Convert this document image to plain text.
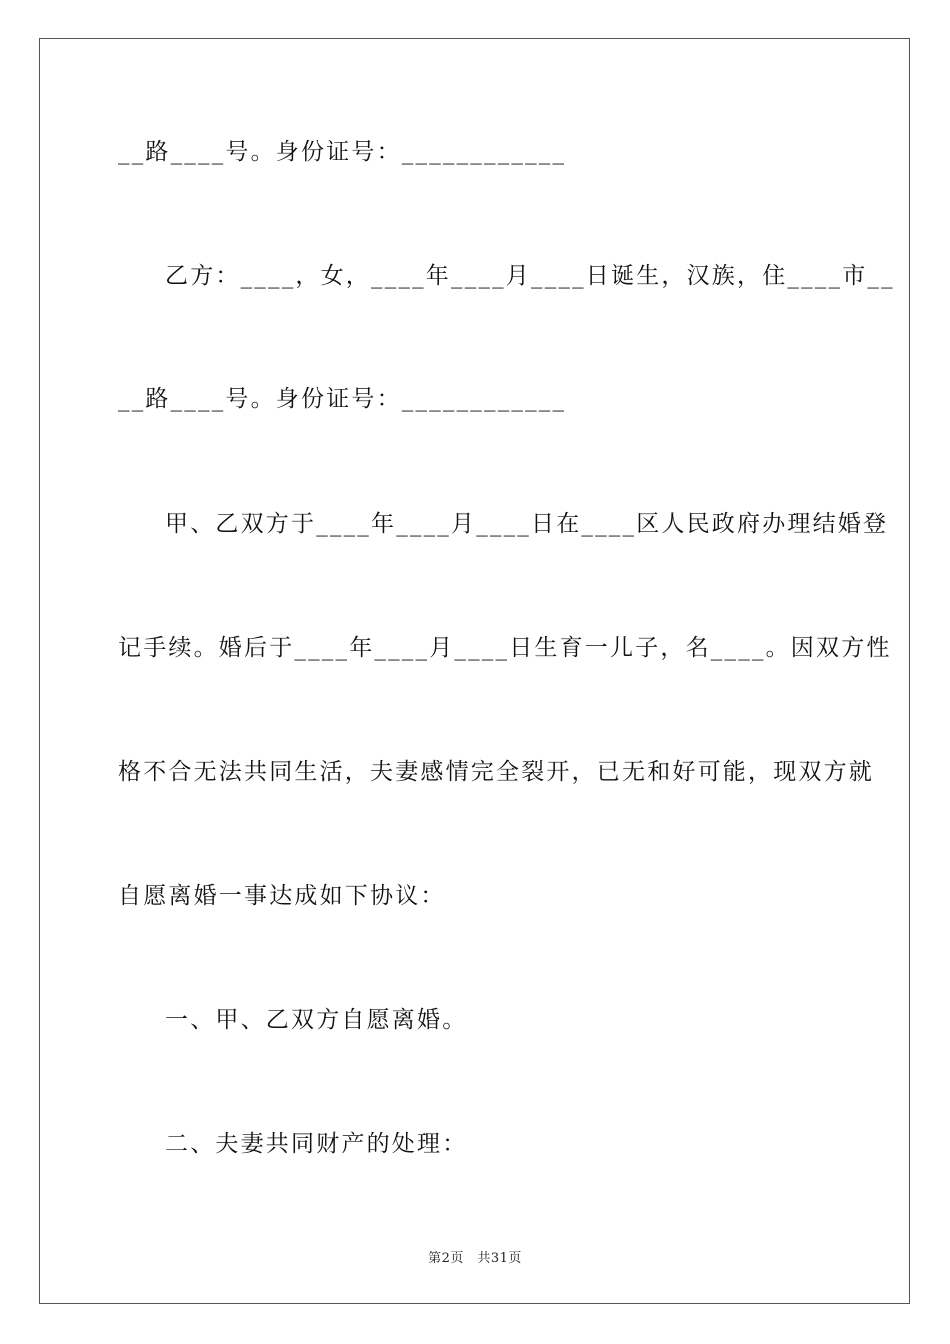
__路____号。身份证号：____________
乙方：____，女，____年____月____日诞生，汉族，住____市__
__路____号。身份证号：____________
甲、乙双方于____年____月____日在____区人民政府办理结婚登
记手续。婚后于____年____月____日生育一儿子，名____。因双方性
格不合无法共同生活，夫妻感情完全裂开，已无和好可能，现双方就
自愿离婚一事达成如下协议：
一、甲、乙双方自愿离婚。
二、夫妻共同财产的处理：
第2页　共31页
